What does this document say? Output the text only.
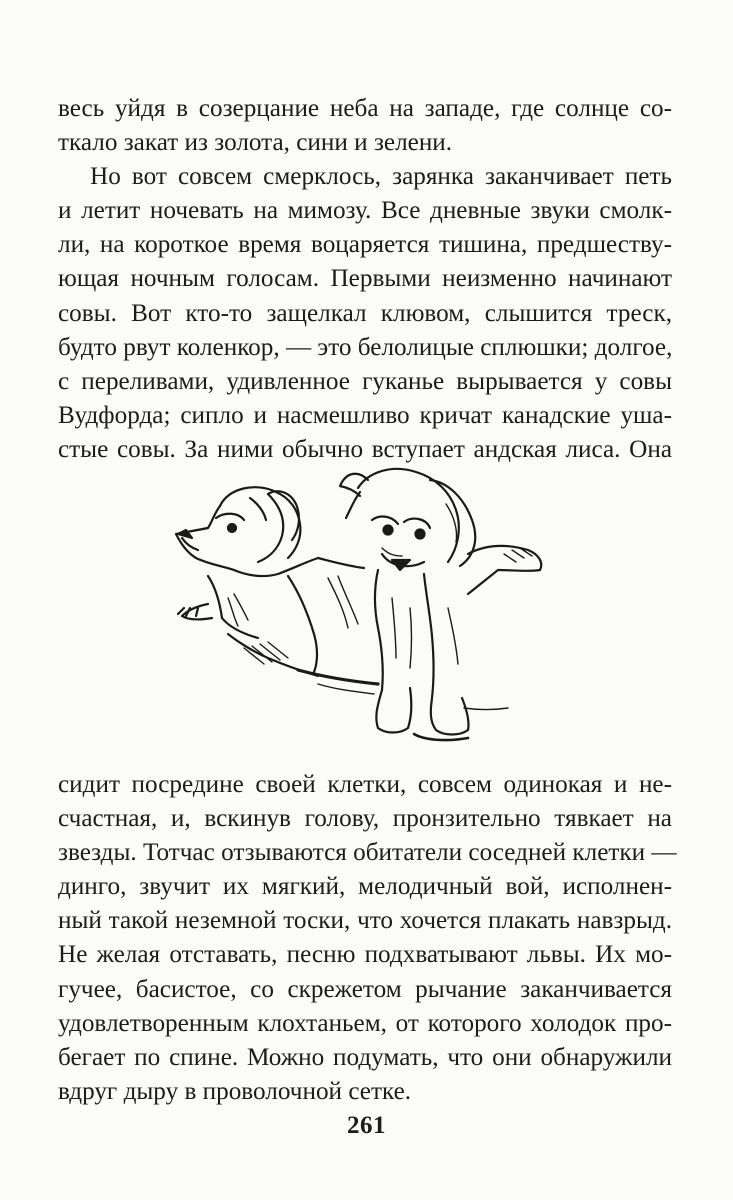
весь уйдя в созерцание неба на западе, где солнце со-
ткало закат из золота, сини и зелени.

Но вот совсем смерклось, зарянка заканчивает петь
и летит ночевать на мимозу. Все дневные звуки смолк-
ли, на короткое время воцаряется тишина, предшеству-
ющая ночным голосам. Первыми неизменно начинают
совы. Вот кто-то защелкал клювом, слышится треск,
будто рвут коленкор, — это белолицые сплюшки; долгое,
с переливами, удивленное гуканье вырывается у совы
Вудфорда; сипло и насмешливо кричат канадские уша-
стые совы. За ними обычно вступает андская лиса. Она

сидит посредине своей клетки, совсем одинокая и не-
счастная, и, вскинув голову, пронзительно тявкает на
звезды. Тотчас отзываются обитатели соседней клетки —
динго, звучит их мягкий, мелодичный вой, исполнен-
ный такой неземной тоски, что хочется плакать навзрыд.
Не желая отставать, песню подхватывают львы. Их мо-
гучее, басистое, со скрежетом рычание заканчивается
удовлетворенным клохтаньем, от которого холодок про-
бегает по спине. Можно подумать, что они обнаружили
вдруг дыру в проволочной сетке.

261
